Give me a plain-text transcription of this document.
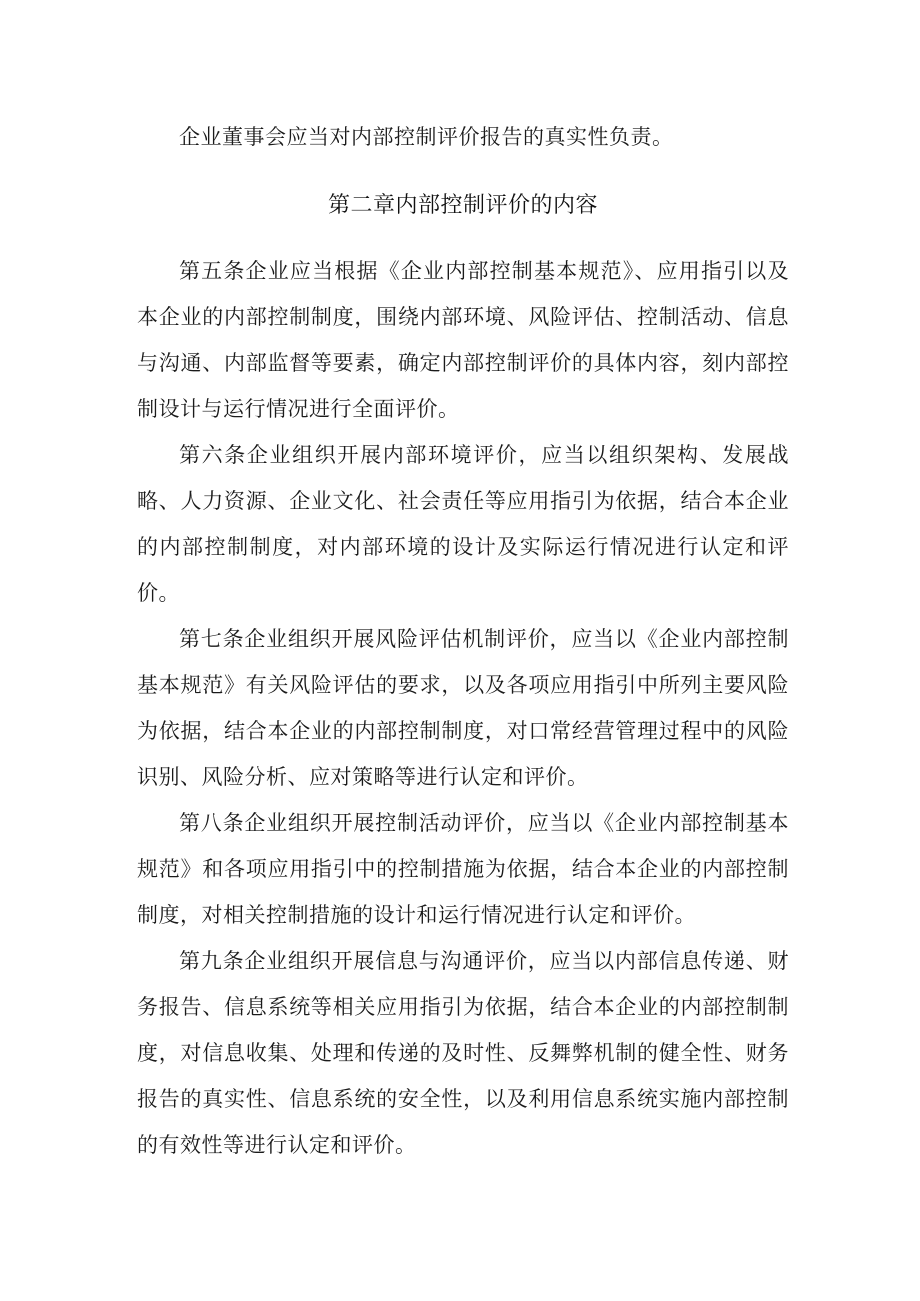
企业董事会应当对内部控制评价报告的真实性负责。

第二章内部控制评价的内容

第五条企业应当根据《企业内部控制基本规范》、应用指引以及本企业的内部控制制度，围绕内部环境、风险评估、控制活动、信息与沟通、内部监督等要素，确定内部控制评价的具体内容，刻内部控制设计与运行情况进行全面评价。

第六条企业组织开展内部环境评价，应当以组织架构、发展战略、人力资源、企业文化、社会责任等应用指引为依据，结合本企业的内部控制制度，对内部环境的设计及实际运行情况进行认定和评价。

第七条企业组织开展风险评估机制评价，应当以《企业内部控制基本规范》有关风险评估的要求，以及各项应用指引中所列主要风险为依据，结合本企业的内部控制制度，对口常经营管理过程中的风险识别、风险分析、应对策略等进行认定和评价。

第八条企业组织开展控制活动评价，应当以《企业内部控制基本规范》和各项应用指引中的控制措施为依据，结合本企业的内部控制制度，对相关控制措施的设计和运行情况进行认定和评价。

第九条企业组织开展信息与沟通评价，应当以内部信息传递、财务报告、信息系统等相关应用指引为依据，结合本企业的内部控制制度，对信息收集、处理和传递的及时性、反舞弊机制的健全性、财务报告的真实性、信息系统的安全性，以及利用信息系统实施内部控制的有效性等进行认定和评价。
